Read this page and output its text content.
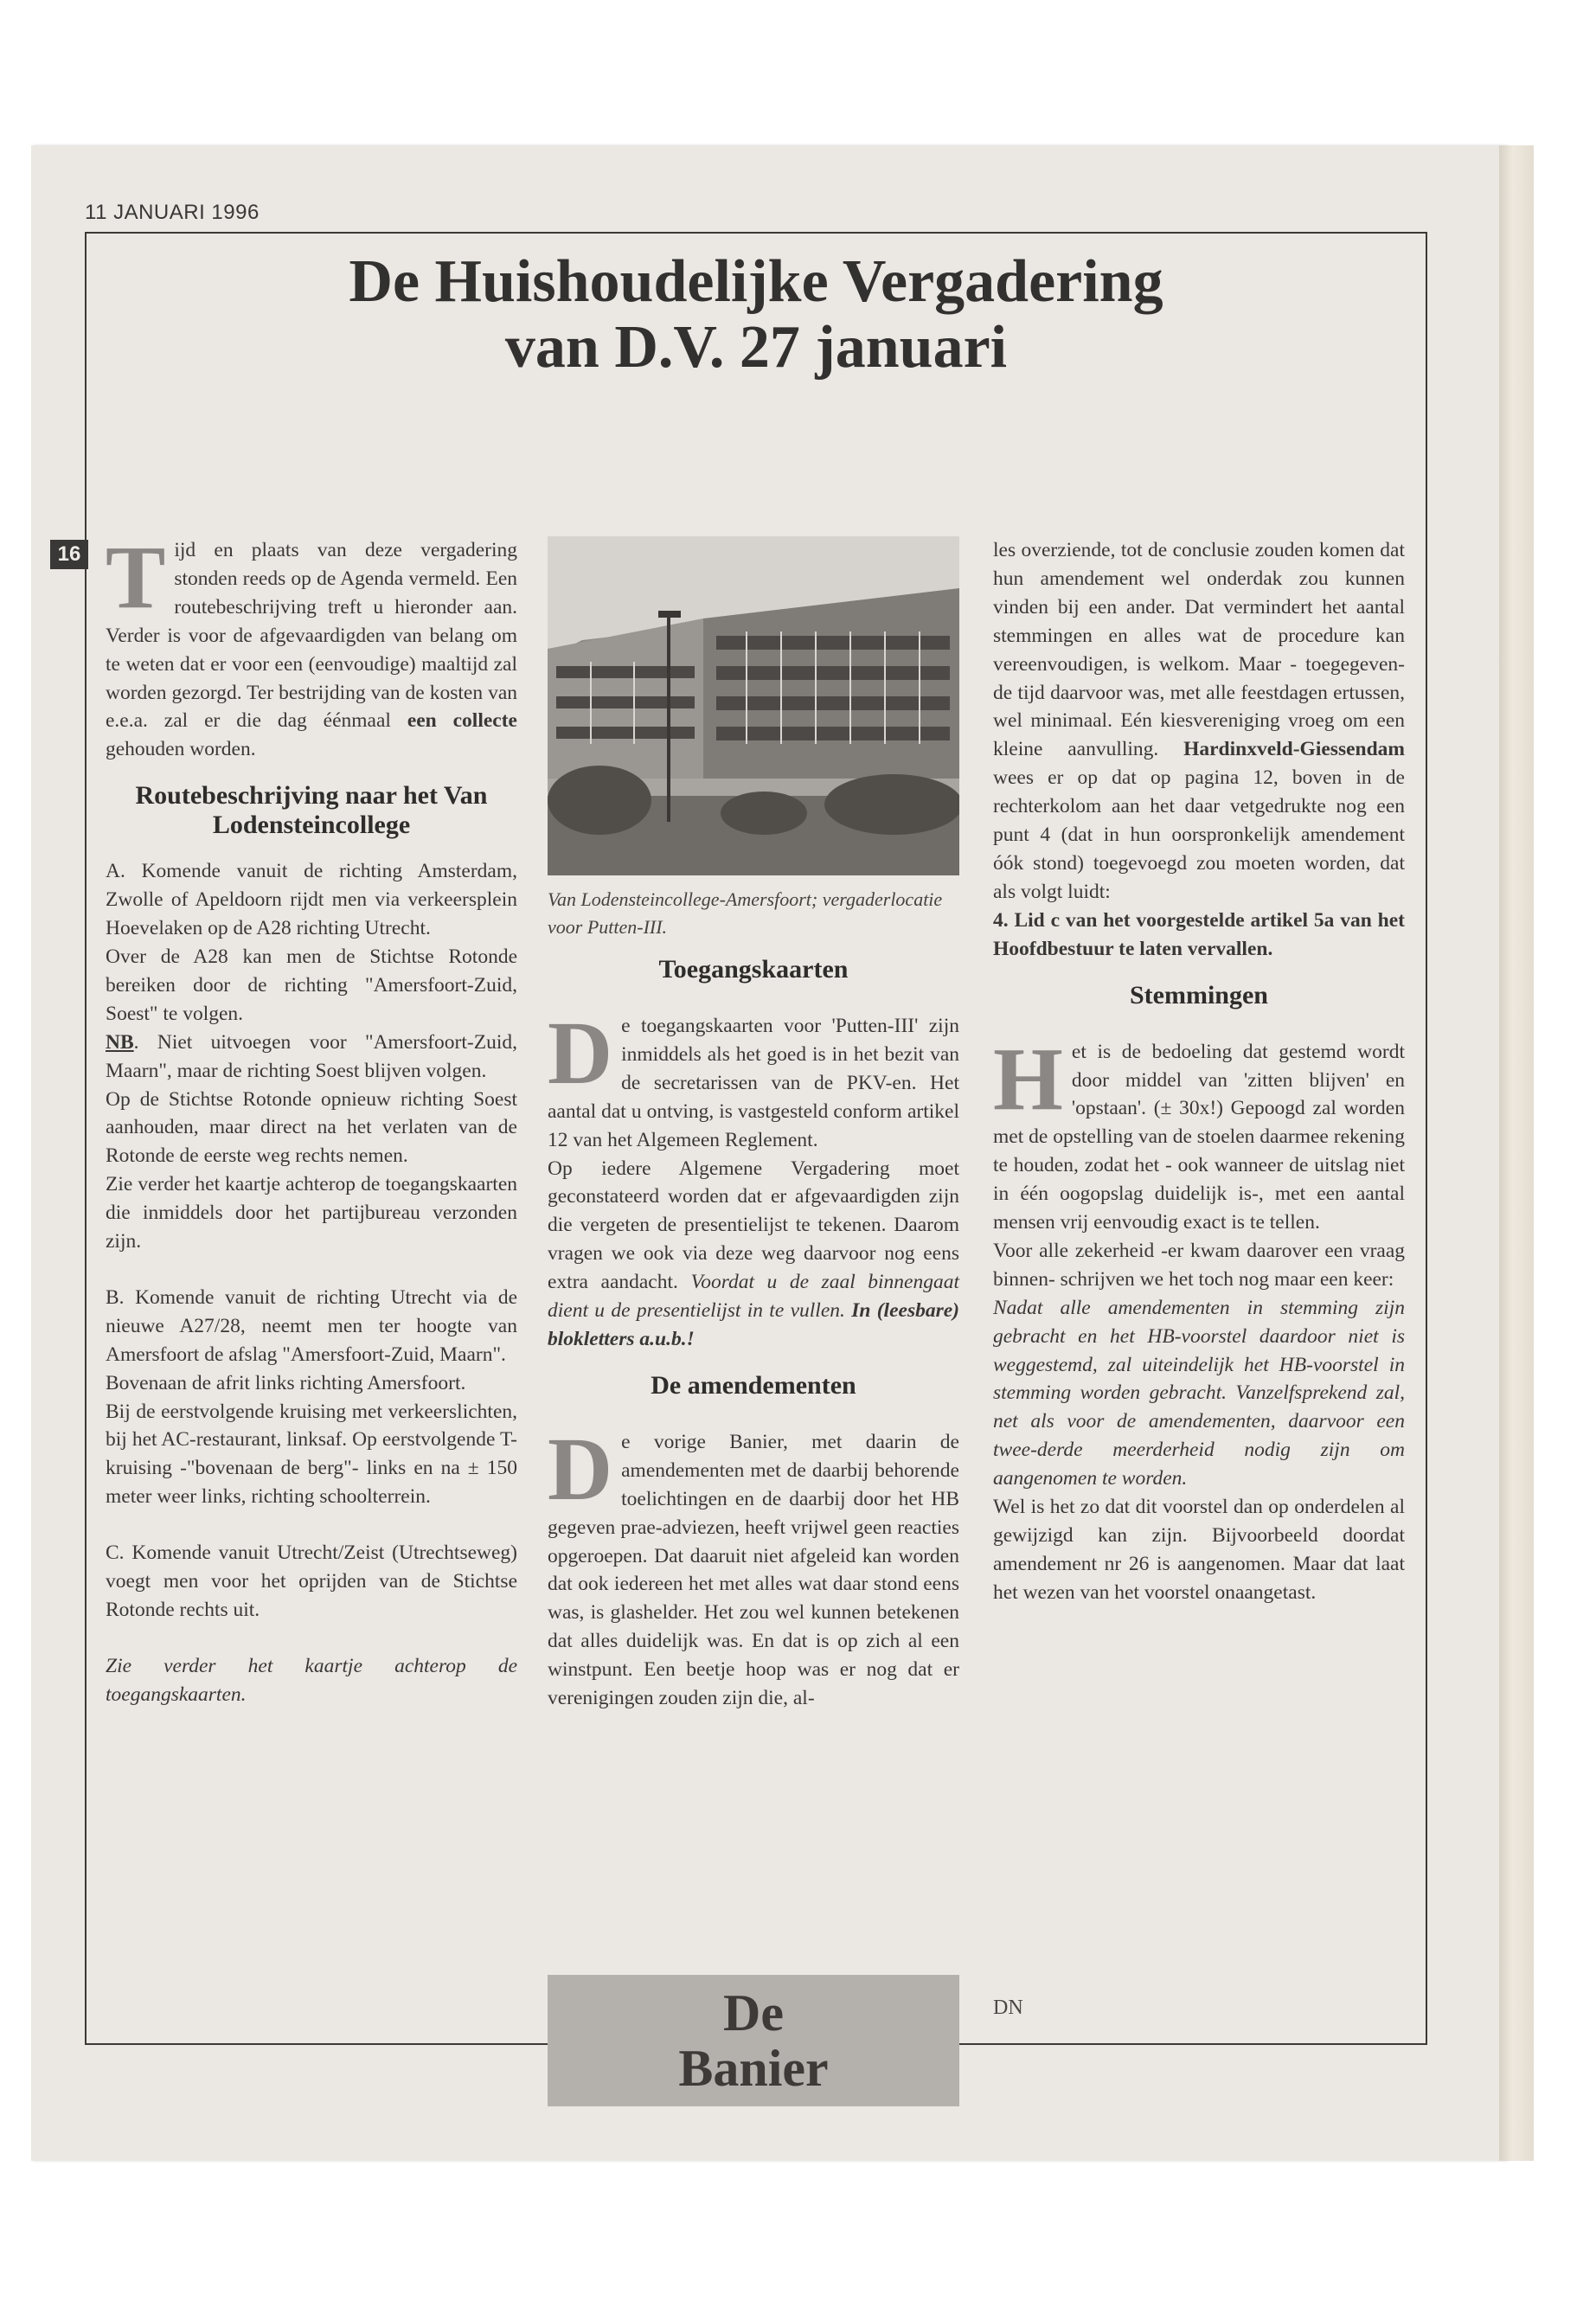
11 JANUARI 1996
16
De Huishoudelijke Vergadering
van D.V. 27 januari

Tijd en plaats van deze vergadering stonden reeds op de Agenda vermeld. Een routebeschrijving treft u hieronder aan. Verder is voor de afgevaardigden van belang om te weten dat er voor een (eenvoudige) maaltijd zal worden gezorgd. Ter bestrijding van de kosten van e.e.a. zal er die dag éénmaal een collecte gehouden worden.

Routebeschrijving naar het Van Lodensteincollege

A. Komende vanuit de richting Amsterdam, Zwolle of Apeldoorn rijdt men via verkeersplein Hoevelaken op de A28 richting Utrecht.

Over de A28 kan men de Stichtse Rotonde bereiken door de richting "Amersfoort-Zuid, Soest" te volgen.

NB. Niet uitvoegen voor "Amersfoort-Zuid, Maarn", maar de richting Soest blijven volgen.

Op de Stichtse Rotonde opnieuw richting Soest aanhouden, maar direct na het verlaten van de Rotonde de eerste weg rechts nemen.

Zie verder het kaartje achterop de toegangskaarten die inmiddels door het partijbureau verzonden zijn.

B. Komende vanuit de richting Utrecht via de nieuwe A27/28, neemt men ter hoogte van Amersfoort de afslag "Amersfoort-Zuid, Maarn".

Bovenaan de afrit links richting Amersfoort.

Bij de eerstvolgende kruising met verkeerslichten, bij het AC-restaurant, linksaf. Op eerstvolgende T-kruising -"bovenaan de berg"- links en na ± 150 meter weer links, richting schoolterrein.

C. Komende vanuit Utrecht/Zeist (Utrechtseweg) voegt men voor het oprijden van de Stichtse Rotonde rechts uit.

Zie verder het kaartje achterop de toegangskaarten.

Van Lodensteincollege-Amersfoort; vergaderlocatie voor Putten-III.

Toegangskaarten

De toegangskaarten voor 'Putten-III' zijn inmiddels als het goed is in het bezit van de secretarissen van de PKV-en. Het aantal dat u ontving, is vastgesteld conform artikel 12 van het Algemeen Reglement.

Op iedere Algemene Vergadering moet geconstateerd worden dat er afgevaardigden zijn die vergeten de presentielijst te tekenen. Daarom vragen we ook via deze weg daarvoor nog eens extra aandacht. Voordat u de zaal binnengaat dient u de presentielijst in te vullen. In (leesbare) blokletters a.u.b.!

De amendementen

De vorige Banier, met daarin de amendementen met de daarbij behorende toelichtingen en de daarbij door het HB gegeven prae-adviezen, heeft vrijwel geen reacties opgeroepen. Dat daaruit niet afgeleid kan worden dat ook iedereen het met alles wat daar stond eens was, is glashelder. Het zou wel kunnen betekenen dat alles duidelijk was. En dat is op zich al een winstpunt. Een beetje hoop was er nog dat er verenigingen zouden zijn die, al-

De
Banier

les overziende, tot de conclusie zouden komen dat hun amendement wel onderdak zou kunnen vinden bij een ander. Dat vermindert het aantal stemmingen en alles wat de procedure kan vereenvoudigen, is welkom. Maar - toegegeven- de tijd daarvoor was, met alle feestdagen ertussen, wel minimaal. Eén kiesvereniging vroeg om een kleine aanvulling. Hardinxveld-Giessendam wees er op dat op pagina 12, boven in de rechterkolom aan het daar vetgedrukte nog een punt 4 (dat in hun oorspronkelijk amendement óók stond) toegevoegd zou moeten worden, dat als volgt luidt:

4. Lid c van het voorgestelde artikel 5a van het Hoofdbestuur te laten vervallen.

Stemmingen

Het is de bedoeling dat gestemd wordt door middel van 'zitten blijven' en 'opstaan'. (± 30x!) Gepoogd zal worden met de opstelling van de stoelen daarmee rekening te houden, zodat het - ook wanneer de uitslag niet in één oogopslag duidelijk is-, met een aantal mensen vrij eenvoudig exact is te tellen.

Voor alle zekerheid -er kwam daarover een vraag binnen- schrijven we het toch nog maar een keer:

Nadat alle amendementen in stemming zijn gebracht en het HB-voorstel daardoor niet is weggestemd, zal uiteindelijk het HB-voorstel in stemming worden gebracht. Vanzelfsprekend zal, net als voor de amendementen, daarvoor een twee-derde meerderheid nodig zijn om aangenomen te worden.

Wel is het zo dat dit voorstel dan op onderdelen al gewijzigd kan zijn. Bijvoorbeeld doordat amendement nr 26 is aangenomen. Maar dat laat het wezen van het voorstel onaangetast.

DN
